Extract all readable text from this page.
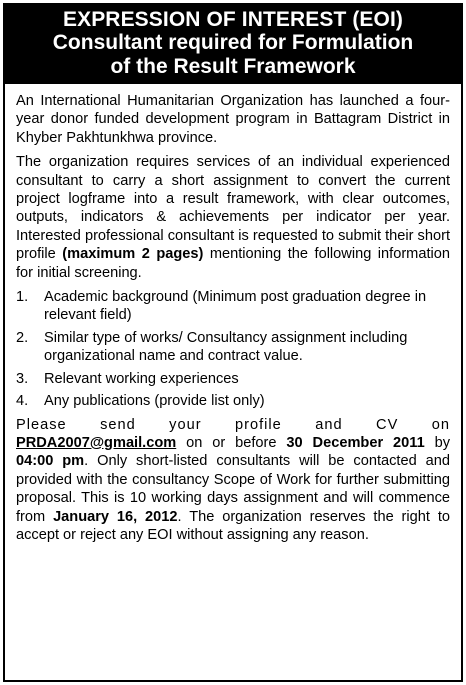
EXPRESSION OF INTEREST (EOI)
Consultant required for Formulation
of the Result Framework

An International Humanitarian Organization has launched a four-year donor funded development program in Battagram District in Khyber Pakhtunkhwa province.

The organization requires services of an individual experienced consultant to carry a short assignment to convert the current project logframe into a result framework, with clear outcomes, outputs, indicators & achievements per indicator per year. Interested professional consultant is requested to submit their short profile (maximum 2 pages) mentioning the following information for initial screening.

1.	Academic background (Minimum post graduation degree in relevant field)
2.	Similar type of works/ Consultancy assignment including organizational name and contract value.
3.	Relevant working experiences
4.	Any publications (provide list only)
Please send your profile and CV on

PRDA2007@gmail.com on or before 30 December 2011 by 04:00 pm. Only short-listed consultants will be contacted and provided with the consultancy Scope of Work for further submitting proposal. This is 10 working days assignment and will commence from January 16, 2012. The organization reserves the right to accept or reject any EOI without assigning any reason.
